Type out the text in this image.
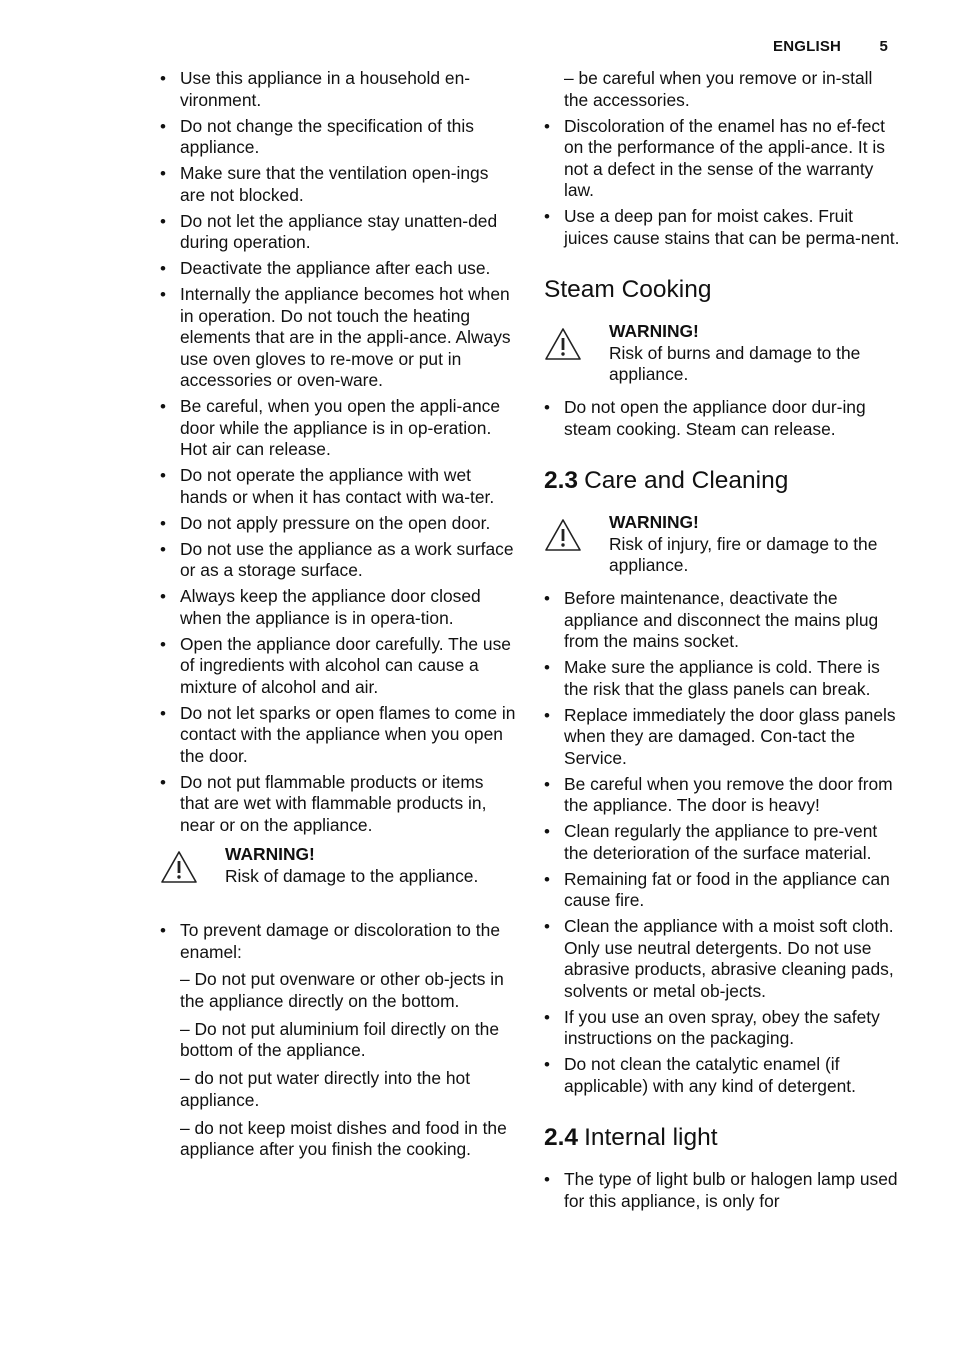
ENGLISH	5
• Use this appliance in a household en-vironment.
• Do not change the specification of this appliance.
• Make sure that the ventilation open-ings are not blocked.
• Do not let the appliance stay unatten-ded during operation.
• Deactivate the appliance after each use.
• Internally the appliance becomes hot when in operation. Do not touch the heating elements that are in the appli-ance. Always use oven gloves to re-move or put in accessories or oven-ware.
• Be careful, when you open the appli-ance door while the appliance is in op-eration. Hot air can release.
• Do not operate the appliance with wet hands or when it has contact with wa-ter.
• Do not apply pressure on the open door.
• Do not use the appliance as a work surface or as a storage surface.
• Always keep the appliance door closed when the appliance is in opera-tion.
• Open the appliance door carefully. The use of ingredients with alcohol can cause a mixture of alcohol and air.
• Do not let sparks or open flames to come in contact with the appliance when you open the door.
• Do not put flammable products or items that are wet with flammable products in, near or on the appliance.
WARNING!
Risk of damage to the appliance.
• To prevent damage or discoloration to the enamel:

– Do not put ovenware or other ob-jects in the appliance directly on the bottom.

– Do not put aluminium foil directly on the bottom of the appliance.

– do not put water directly into the hot appliance.

– do not keep moist dishes and food in the appliance after you finish the cooking.

– be careful when you remove or in-stall the accessories.

• Discoloration of the enamel has no ef-fect on the performance of the appli-ance. It is not a defect in the sense of the warranty law.
• Use a deep pan for moist cakes. Fruit juices cause stains that can be perma-nent.
Steam Cooking
WARNING!
Risk of burns and damage to the appliance.
• Do not open the appliance door dur-ing steam cooking. Steam can release.
2.3 Care and Cleaning
WARNING!
Risk of injury, fire or damage to the appliance.
• Before maintenance, deactivate the appliance and disconnect the mains plug from the mains socket.
• Make sure the appliance is cold. There is the risk that the glass panels can break.
• Replace immediately the door glass panels when they are damaged. Con-tact the Service.
• Be careful when you remove the door from the appliance. The door is heavy!
• Clean regularly the appliance to pre-vent the deterioration of the surface material.
• Remaining fat or food in the appliance can cause fire.
• Clean the appliance with a moist soft cloth. Only use neutral detergents. Do not use abrasive products, abrasive cleaning pads, solvents or metal ob-jects.
• If you use an oven spray, obey the safety instructions on the packaging.
• Do not clean the catalytic enamel (if applicable) with any kind of detergent.
2.4 Internal light
• The type of light bulb or halogen lamp used for this appliance, is only for
